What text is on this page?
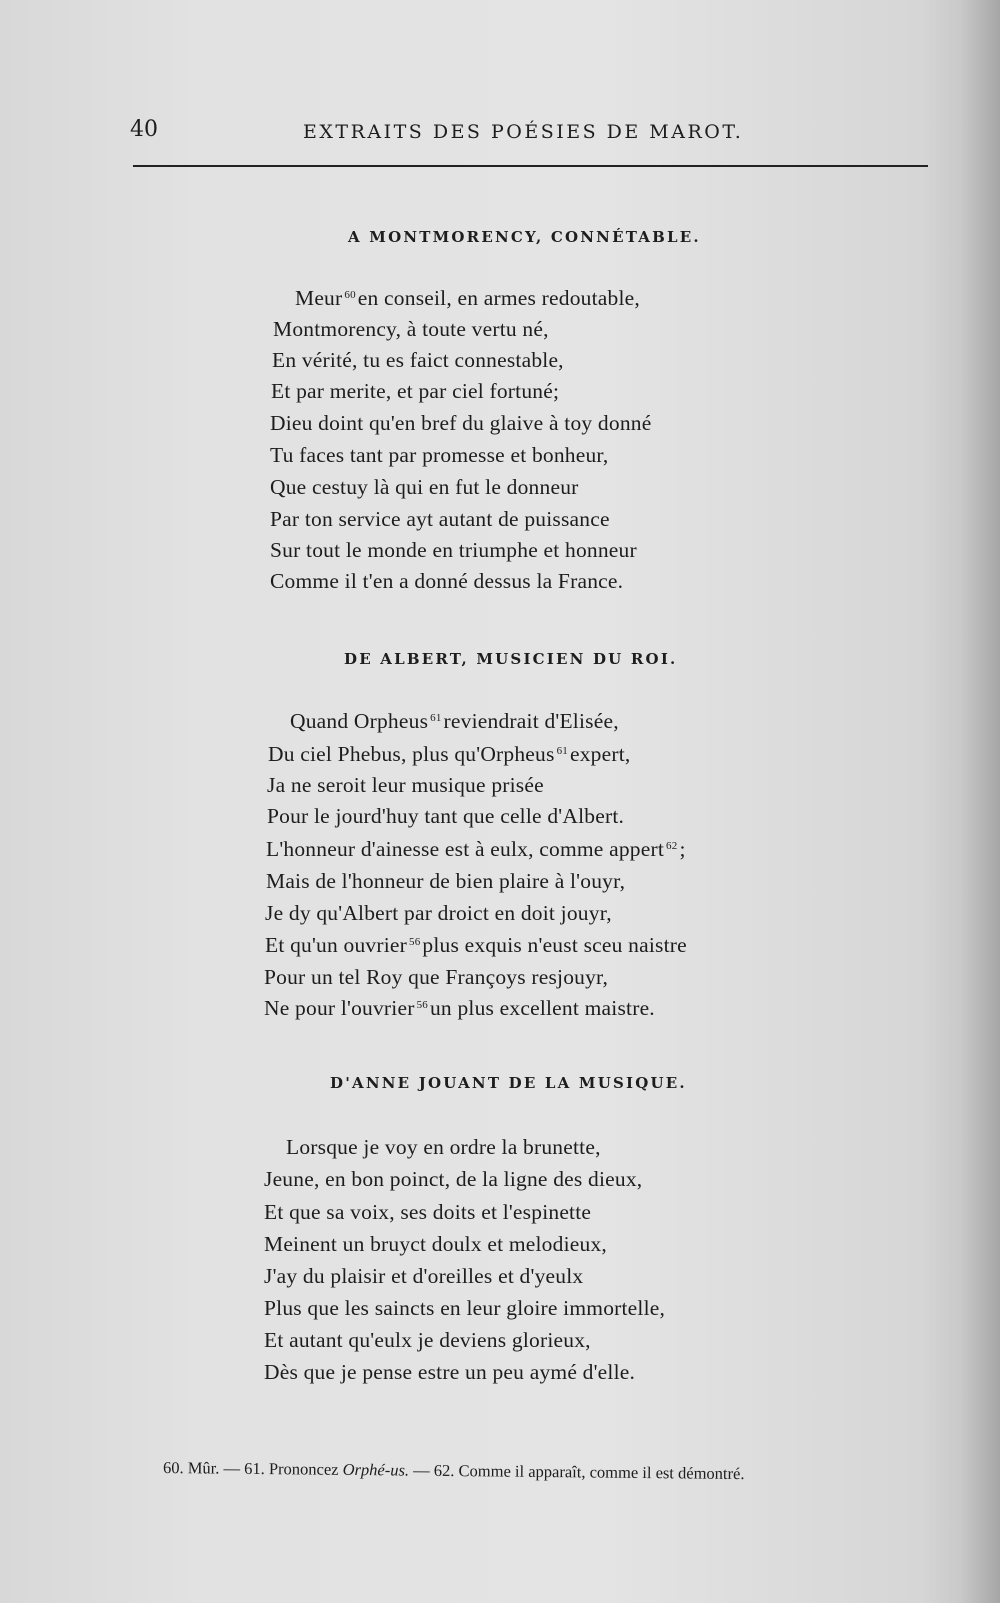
40	EXTRAITS DES POÉSIES DE MAROT.
A MONTMORENCY, CONNÉTABLE.
Meur $^{60}$en conseil, en armes redoutable,
Montmorency, à toute vertu né,
En vérité, tu es faict connestable,
Et par merite, et par ciel fortuné;
Dieu doint qu'en bref du glaive à toy donné
Tu faces tant par promesse et bonheur,
Que cestuy là qui en fut le donneur
Par ton service ayt autant de puissance
Sur tout le monde en triumphe et honneur
Comme il t'en a donné dessus la France.
DE ALBERT, MUSICIEN DU ROI.
Quand Orpheus $^{61}$reviendrait d'Elisée,
Du ciel Phebus, plus qu'Orpheus $^{61}$expert,
Ja ne seroit leur musique prisée
Pour le jourd'huy tant que celle d'Albert.
L'honneur d'ainesse est à eulx, comme appert $^{62}$;
Mais de l'honneur de bien plaire à l'ouyr,
Je dy qu'Albert par droict en doit jouyr,
Et qu'un ouvrier $^{56}$plus exquis n'eust sceu naistre
Pour un tel Roy que Françoys resjouyr,
Ne pour l'ouvrier $^{56}$un plus excellent maistre.
D'ANNE JOUANT DE LA MUSIQUE.
Lorsque je voy en ordre la brunette,
Jeune, en bon poinct, de la ligne des dieux,
Et que sa voix, ses doits et l'espinette
Meinent un bruyct doulx et melodieux,
J'ay du plaisir et d'oreilles et d'yeulx
Plus que les saincts en leur gloire immortelle,
Et autant qu'eulx je deviens glorieux,
Dès que je pense estre un peu aymé d'elle.
60. Mûr. — 61. Prononcez Orphé-us. — 62. Comme il apparaît, comme il est démontré.
